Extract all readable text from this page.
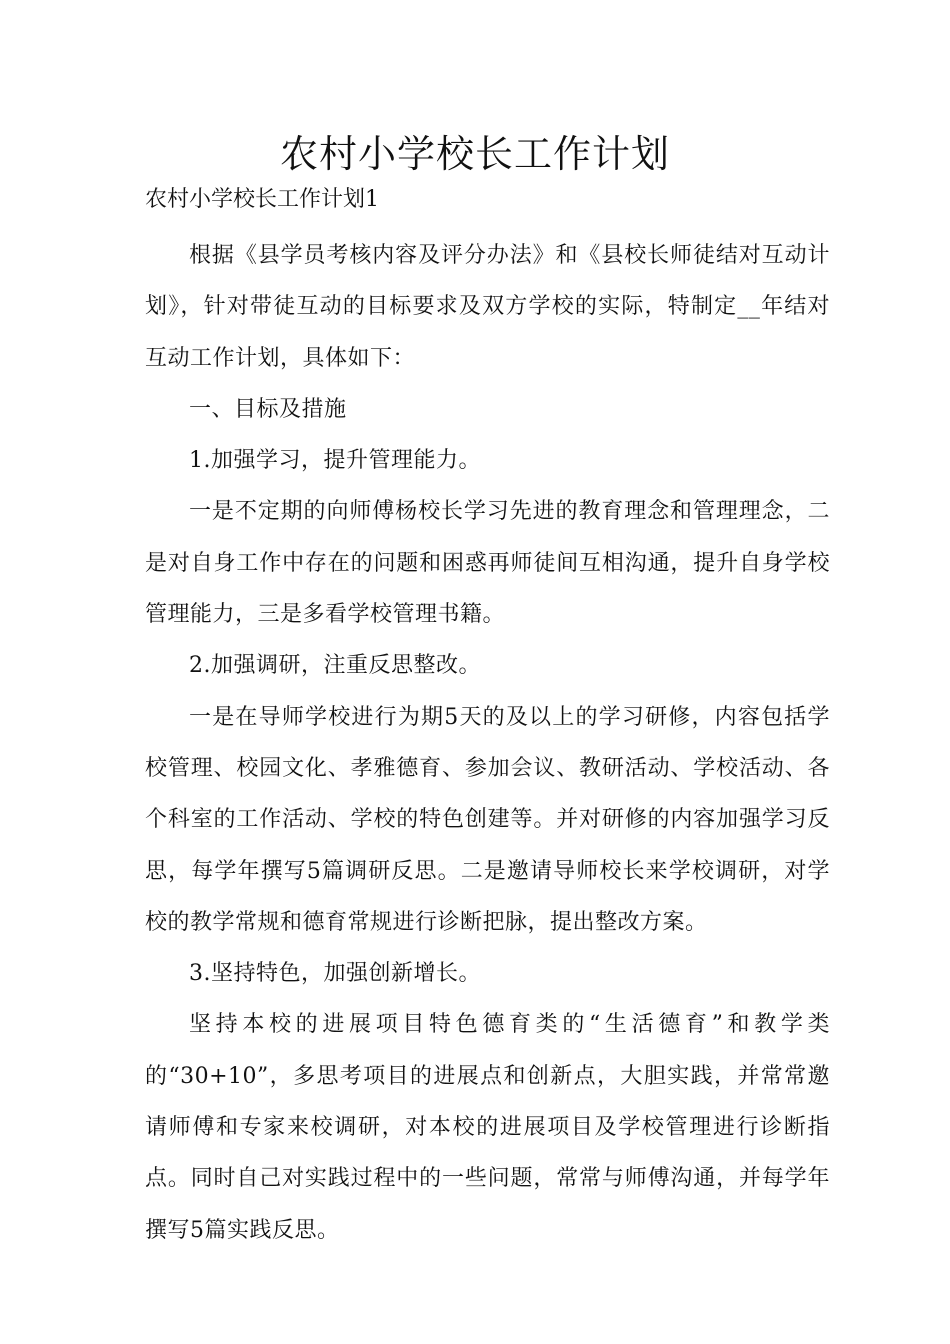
农村小学校长工作计划

农村小学校长工作计划1

根据《县学员考核内容及评分办法》和《县校长师徒结对互动计划》，针对带徒互动的目标要求及双方学校的实际，特制定__年结对互动工作计划，具体如下：

一、目标及措施

1.加强学习，提升管理能力。

一是不定期的向师傅杨校长学习先进的教育理念和管理理念，二是对自身工作中存在的问题和困惑再师徒间互相沟通，提升自身学校管理能力，三是多看学校管理书籍。

2.加强调研，注重反思整改。

一是在导师学校进行为期5天的及以上的学习研修，内容包括学校管理、校园文化、孝雅德育、参加会议、教研活动、学校活动、各个科室的工作活动、学校的特色创建等。并对研修的内容加强学习反思，每学年撰写5篇调研反思。二是邀请导师校长来学校调研，对学校的教学常规和德育常规进行诊断把脉，提出整改方案。

3.坚持特色，加强创新增长。

坚持本校的进展项目特色德育类的“生活德育”和教学类的“30+10”，多思考项目的进展点和创新点，大胆实践，并常常邀请师傅和专家来校调研，对本校的进展项目及学校管理进行诊断指点。同时自己对实践过程中的一些问题，常常与师傅沟通，并每学年撰写5篇实践反思。
